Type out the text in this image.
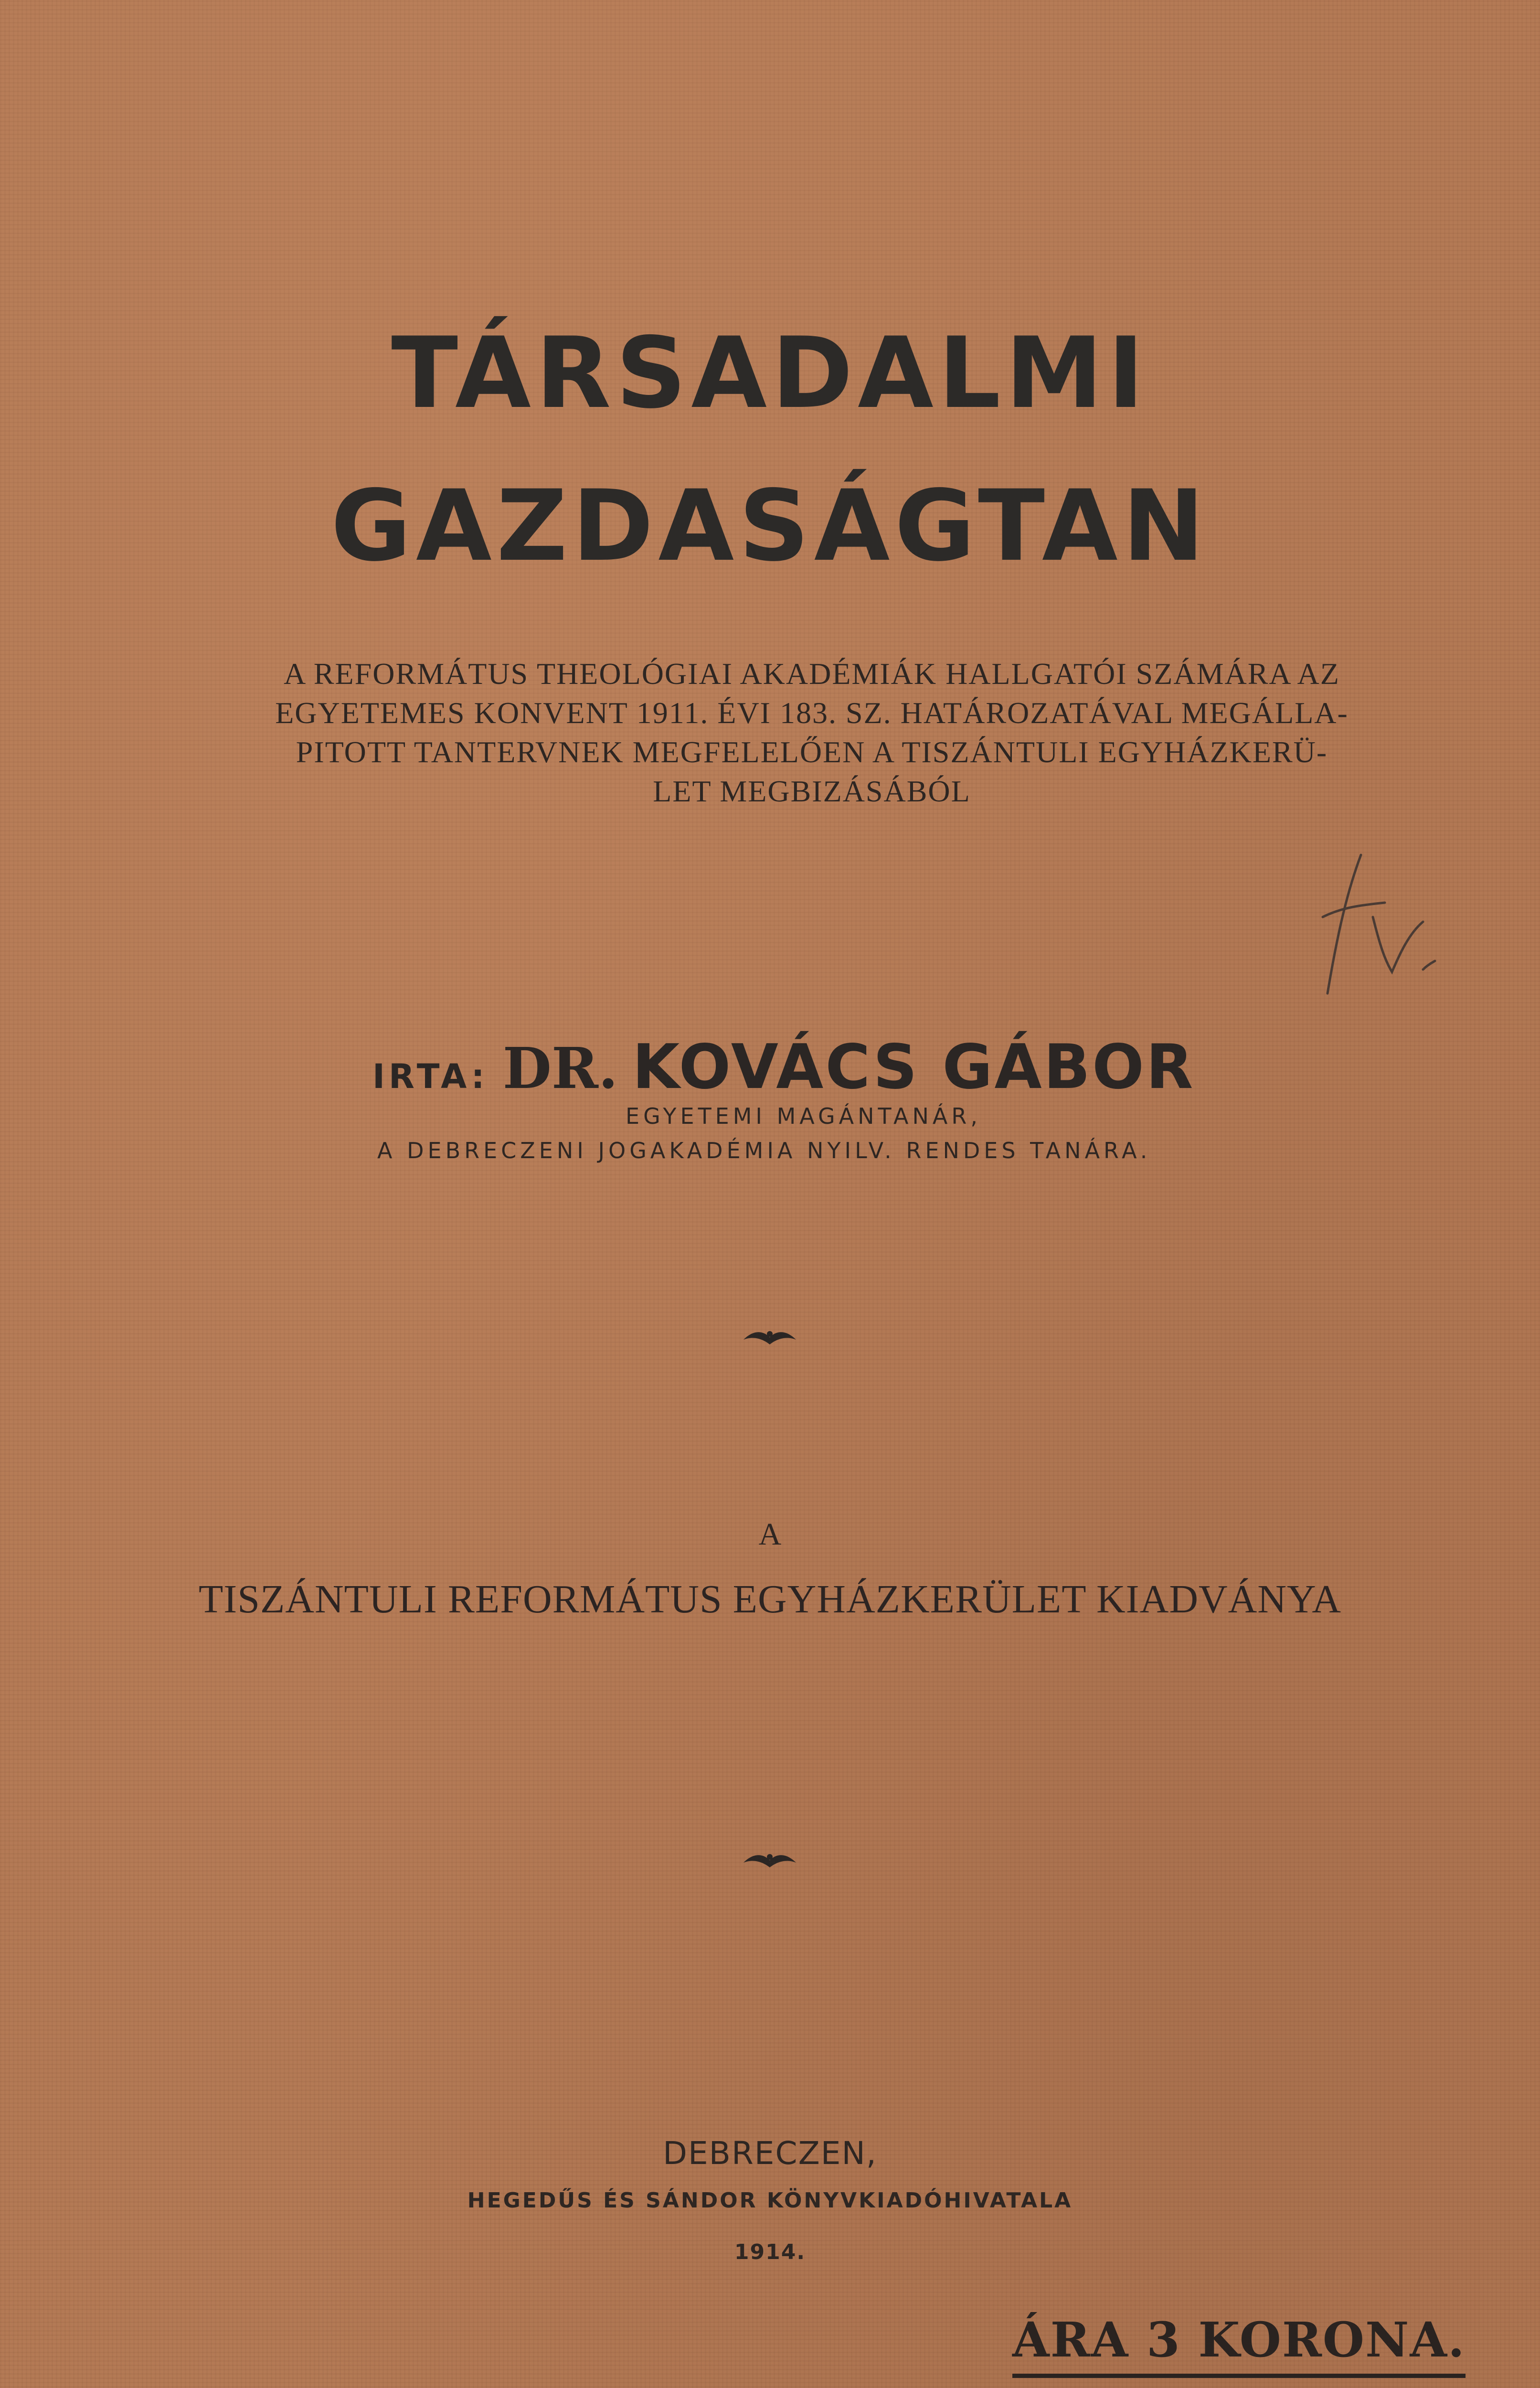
TÁRSADALMI
GAZDASÁGTAN

A REFORMÁTUS THEOLÓGIAI AKADÉMIÁK HALLGATÓI SZÁMÁRA AZ
EGYETEMES KONVENT 1911. ÉVI 183. SZ. HATÁROZATÁVAL MEGÁLLA-
PITOTT TANTERVNEK MEGFELELŐEN A TISZÁNTULI EGYHÁZKERÜ-
LET MEGBIZÁSÁBÓL

IRTA: DR. KOVÁCS GÁBOR
EGYETEMI MAGÁNTANÁR,
A DEBRECZENI JOGAKADÉMIA NYILV. RENDES TANÁRA.
A
TISZÁNTULI REFORMÁTUS EGYHÁZKERÜLET KIADVÁNYA
DEBRECZEN,
HEGEDŰS ÉS SÁNDOR KÖNYVKIADÓHIVATALA
1914.
ÁRA 3 KORONA.
